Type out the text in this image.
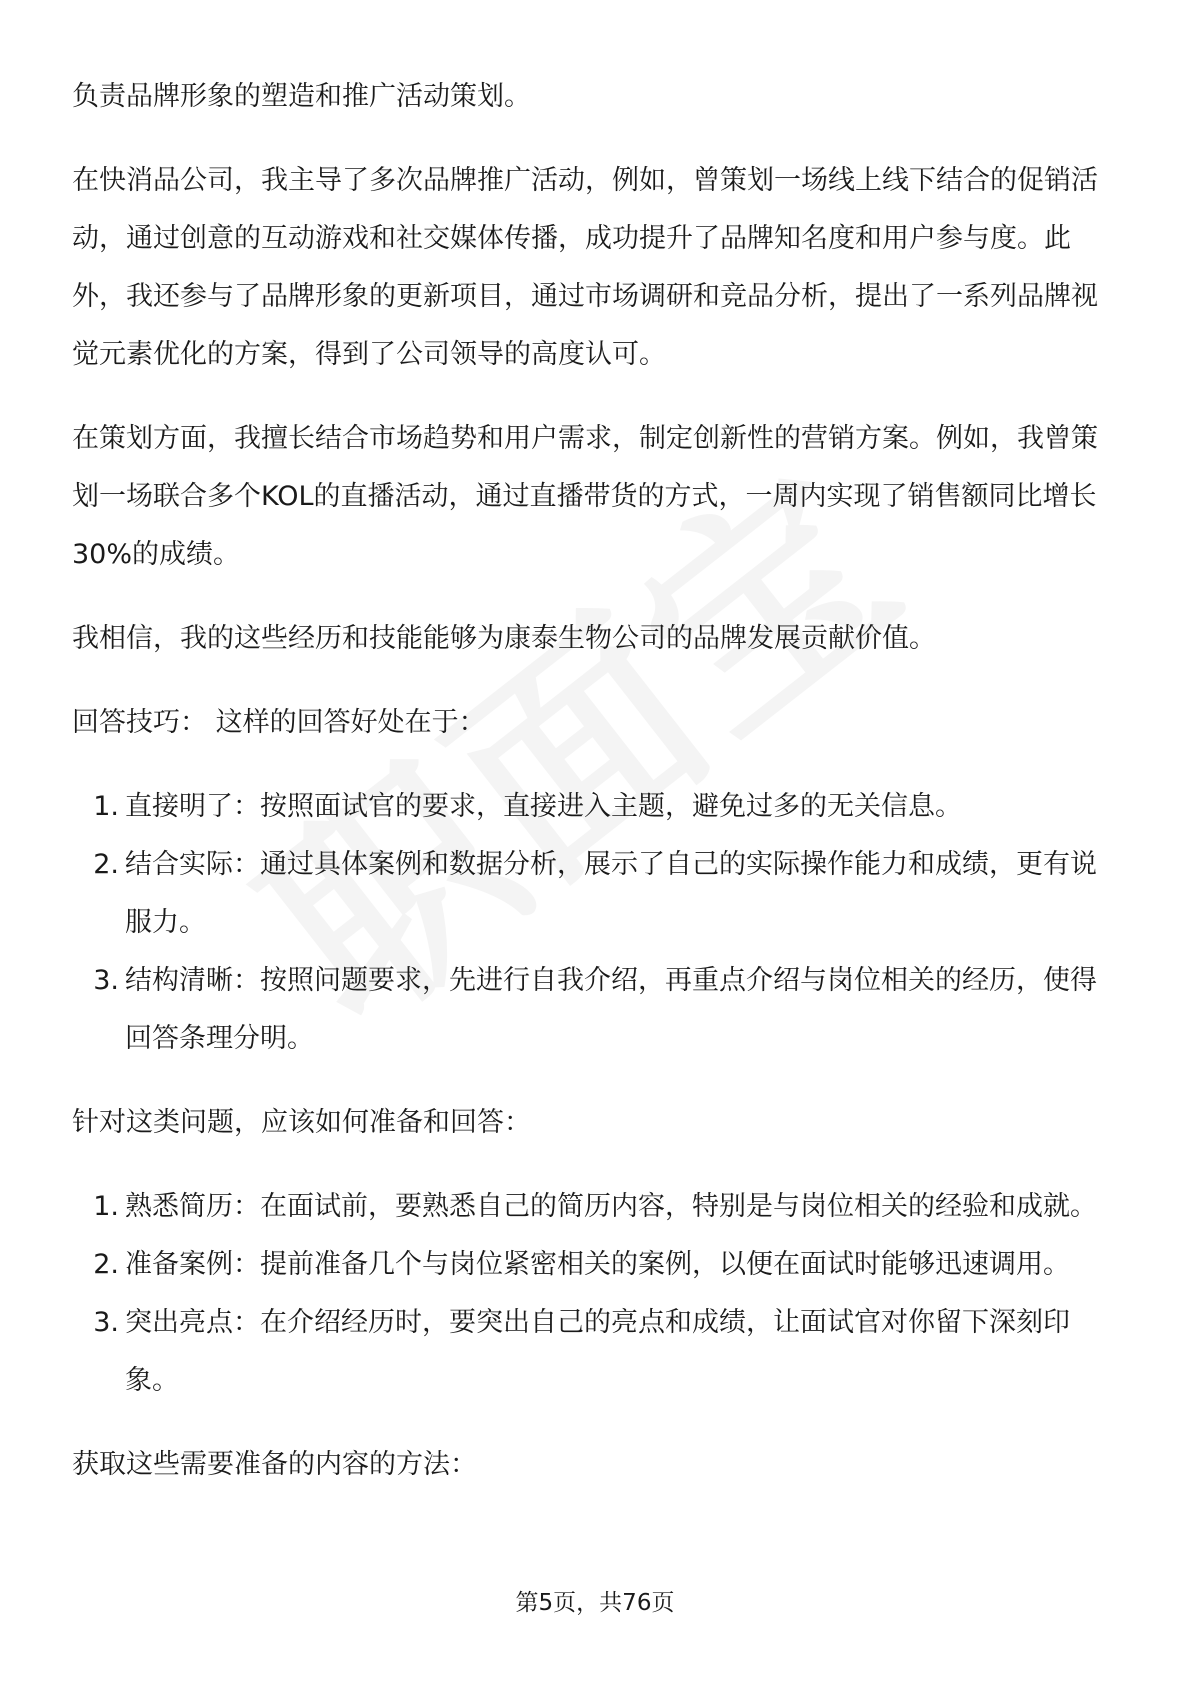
负责品牌形象的塑造和推广活动策划。

在快消品公司，我主导了多次品牌推广活动，例如，曾策划一场线上线下结合的促销活动，通过创意的互动游戏和社交媒体传播，成功提升了品牌知名度和用户参与度。此外，我还参与了品牌形象的更新项目，通过市场调研和竞品分析，提出了一系列品牌视觉元素优化的方案，得到了公司领导的高度认可。

在策划方面，我擅长结合市场趋势和用户需求，制定创新性的营销方案。例如，我曾策划一场联合多个KOL的直播活动，通过直播带货的方式，一周内实现了销售额同比增长30%的成绩。

我相信，我的这些经历和技能能够为康泰生物公司的品牌发展贡献价值。

回答技巧： 这样的回答好处在于：

1. 直接明了：按照面试官的要求，直接进入主题，避免过多的无关信息。
2. 结合实际：通过具体案例和数据分析，展示了自己的实际操作能力和成绩，更有说服力。
3. 结构清晰：按照问题要求，先进行自我介绍，再重点介绍与岗位相关的经历，使得回答条理分明。

针对这类问题，应该如何准备和回答：

1. 熟悉简历：在面试前，要熟悉自己的简历内容，特别是与岗位相关的经验和成就。
2. 准备案例：提前准备几个与岗位紧密相关的案例，以便在面试时能够迅速调用。
3. 突出亮点：在介绍经历时，要突出自己的亮点和成绩，让面试官对你留下深刻印象。

获取这些需要准备的内容的方法：

第5页，共76页
